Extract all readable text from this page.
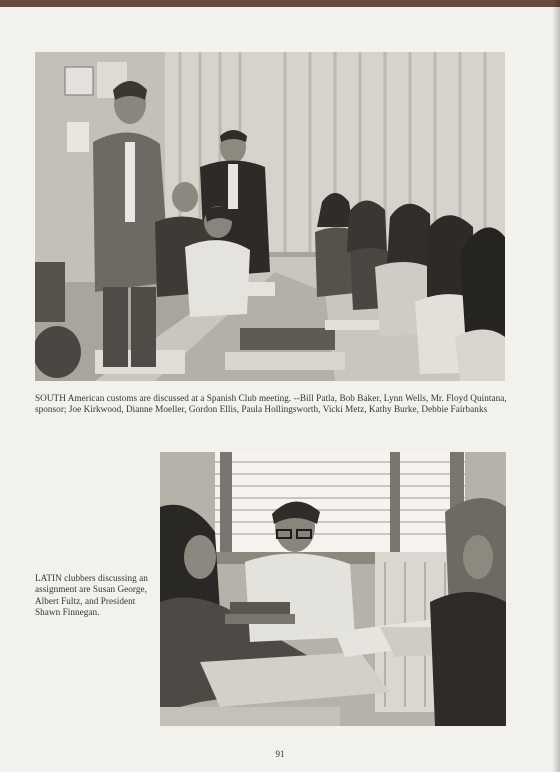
SOUTH American customs are discussed at a Spanish Club meeting. --Bill Patla, Bob Baker, Lynn Wells, Mr. Floyd Quintana, sponsor; Joe Kirkwood, Dianne Moeller, Gordon Ellis, Paula Hollingsworth, Vicki Metz, Kathy Burke, Debbie Fairbanks
LATIN clubbers discussing an assignment are Susan George, Albert Fultz, and President Shawn Finnegan.
91
